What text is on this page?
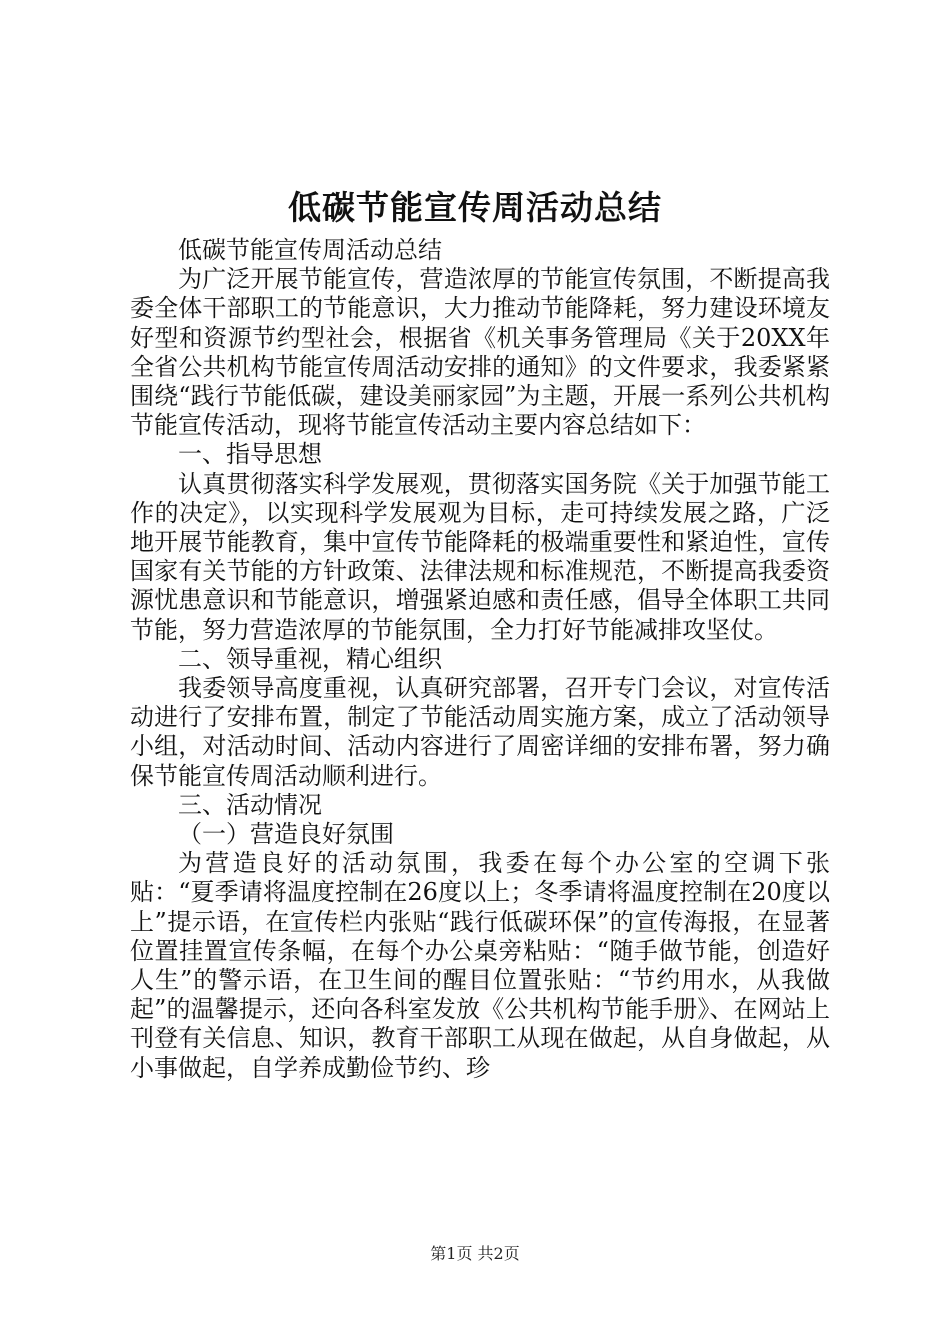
低碳节能宣传周活动总结

低碳节能宣传周活动总结

为广泛开展节能宣传，营造浓厚的节能宣传氛围，不断提高我委全体干部职工的节能意识，大力推动节能降耗，努力建设环境友好型和资源节约型社会，根据省《机关事务管理局《关于20XX年全省公共机构节能宣传周活动安排的通知》的文件要求，我委紧紧围绕“践行节能低碳，建设美丽家园”为主题，开展一系列公共机构节能宣传活动，现将节能宣传活动主要内容总结如下：

一、指导思想

认真贯彻落实科学发展观，贯彻落实国务院《关于加强节能工作的决定》，以实现科学发展观为目标，走可持续发展之路，广泛地开展节能教育，集中宣传节能降耗的极端重要性和紧迫性，宣传国家有关节能的方针政策、法律法规和标准规范，不断提高我委资源忧患意识和节能意识，增强紧迫感和责任感，倡导全体职工共同节能，努力营造浓厚的节能氛围，全力打好节能减排攻坚仗。

二、领导重视，精心组织

我委领导高度重视，认真研究部署，召开专门会议，对宣传活动进行了安排布置，制定了节能活动周实施方案，成立了活动领导小组，对活动时间、活动内容进行了周密详细的安排布署，努力确保节能宣传周活动顺利进行。

三、活动情况

（一）营造良好氛围

为营造良好的活动氛围，我委在每个办公室的空调下张贴：“夏季请将温度控制在26度以上；冬季请将温度控制在20度以上”提示语，在宣传栏内张贴“践行低碳环保”的宣传海报，在显著位置挂置宣传条幅，在每个办公桌旁粘贴：“随手做节能，创造好人生”的警示语，在卫生间的醒目位置张贴：“节约用水，从我做起”的温馨提示，还向各科室发放《公共机构节能手册》、在网站上刊登有关信息、知识，教育干部职工从现在做起，从自身做起，从小事做起，自学养成勤俭节约、珍

第1页 共2页
